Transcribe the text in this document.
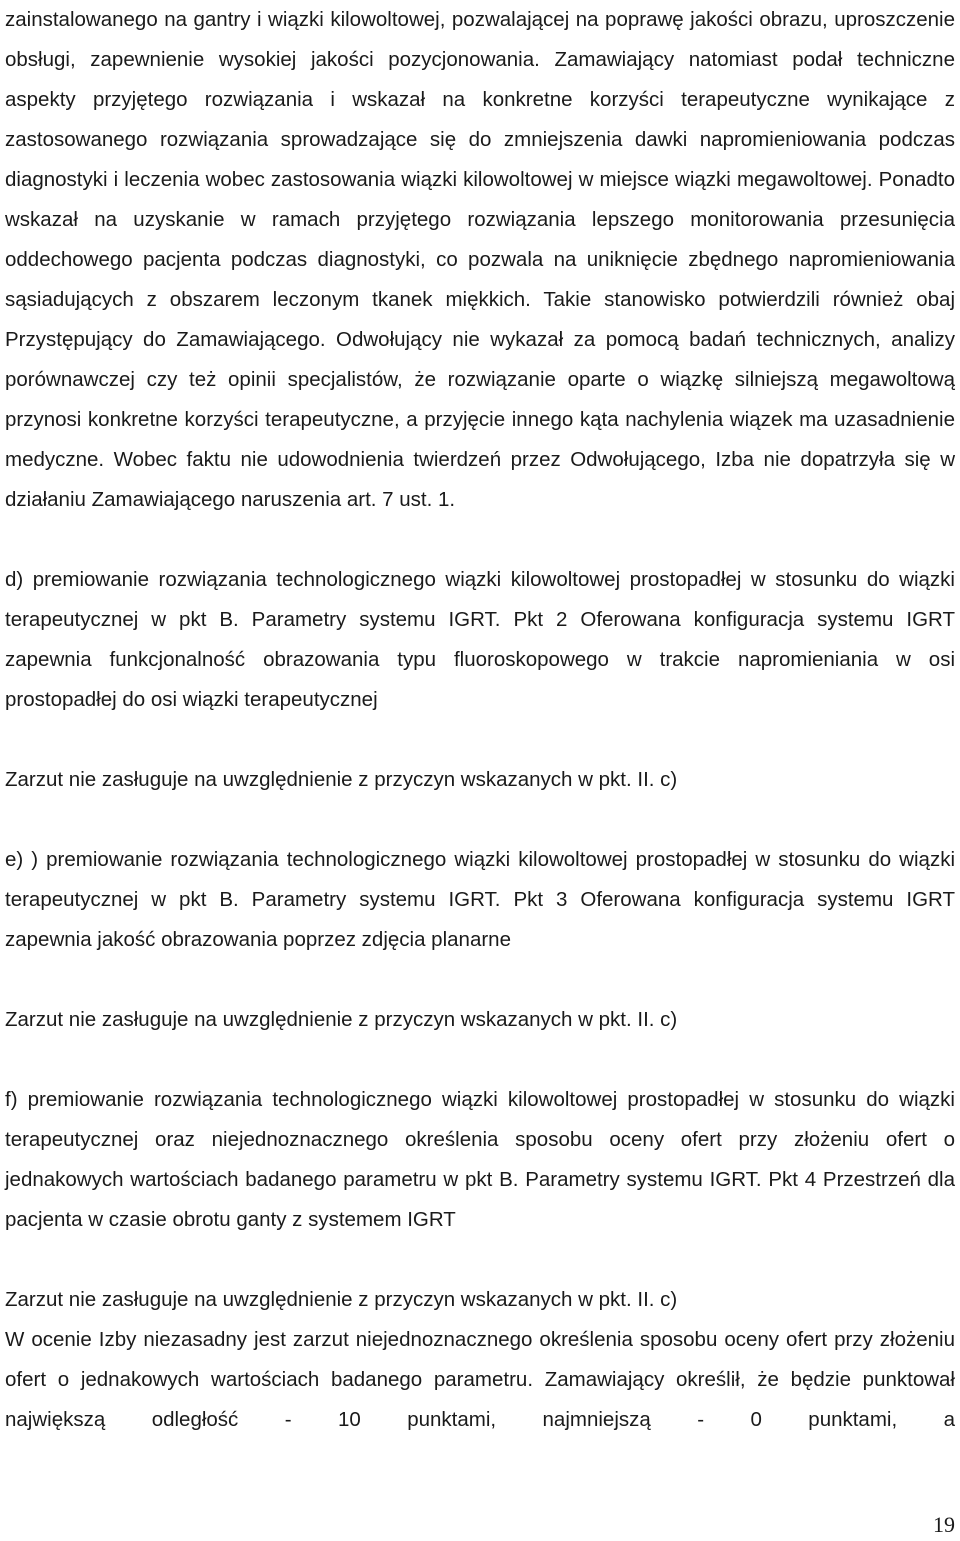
zainstalowanego na gantry i wiązki kilowoltowej, pozwalającej na poprawę jakości obrazu, uproszczenie obsługi, zapewnienie wysokiej jakości pozycjonowania. Zamawiający natomiast podał techniczne aspekty przyjętego rozwiązania i wskazał na konkretne korzyści terapeutyczne wynikające z zastosowanego rozwiązania sprowadzające się do zmniejszenia dawki napromieniowania podczas diagnostyki i leczenia wobec zastosowania wiązki kilowoltowej w miejsce wiązki megawoltowej. Ponadto wskazał na uzyskanie w ramach przyjętego rozwiązania lepszego monitorowania przesunięcia oddechowego pacjenta podczas diagnostyki, co pozwala na uniknięcie zbędnego napromieniowania sąsiadujących z obszarem leczonym tkanek miękkich. Takie stanowisko potwierdzili również obaj Przystępujący do Zamawiającego. Odwołujący nie wykazał za pomocą badań technicznych, analizy porównawczej czy też opinii specjalistów, że rozwiązanie oparte o wiązkę silniejszą megawoltową przynosi konkretne korzyści terapeutyczne, a przyjęcie innego kąta nachylenia wiązek ma uzasadnienie medyczne. Wobec faktu nie udowodnienia twierdzeń przez Odwołującego, Izba nie dopatrzyła się w działaniu Zamawiającego naruszenia art. 7 ust. 1.

d) premiowanie rozwiązania technologicznego wiązki kilowoltowej prostopadłej w stosunku do wiązki terapeutycznej w pkt B. Parametry systemu IGRT. Pkt 2 Oferowana konfiguracja systemu IGRT zapewnia funkcjonalność obrazowania typu fluoroskopowego w trakcie napromieniania w osi prostopadłej do osi wiązki terapeutycznej

Zarzut nie zasługuje na uwzględnienie z przyczyn wskazanych w pkt. II. c)

e) ) premiowanie rozwiązania technologicznego wiązki kilowoltowej prostopadłej w stosunku do wiązki terapeutycznej w pkt B. Parametry systemu IGRT. Pkt 3 Oferowana konfiguracja systemu IGRT zapewnia jakość obrazowania poprzez zdjęcia planarne

Zarzut nie zasługuje na uwzględnienie z przyczyn wskazanych w pkt. II. c)

f) premiowanie rozwiązania technologicznego wiązki kilowoltowej prostopadłej w stosunku do wiązki terapeutycznej oraz niejednoznacznego określenia sposobu oceny ofert przy złożeniu ofert o jednakowych wartościach badanego parametru w pkt B. Parametry systemu IGRT. Pkt 4 Przestrzeń dla pacjenta w czasie obrotu ganty z systemem IGRT

Zarzut nie zasługuje na uwzględnienie z przyczyn wskazanych w pkt. II. c)

W ocenie Izby niezasadny jest zarzut niejednoznacznego określenia sposobu oceny ofert przy złożeniu ofert o jednakowych wartościach badanego parametru. Zamawiający określił, że będzie punktował największą odległość - 10 punktami, najmniejszą - 0 punktami, a

19
